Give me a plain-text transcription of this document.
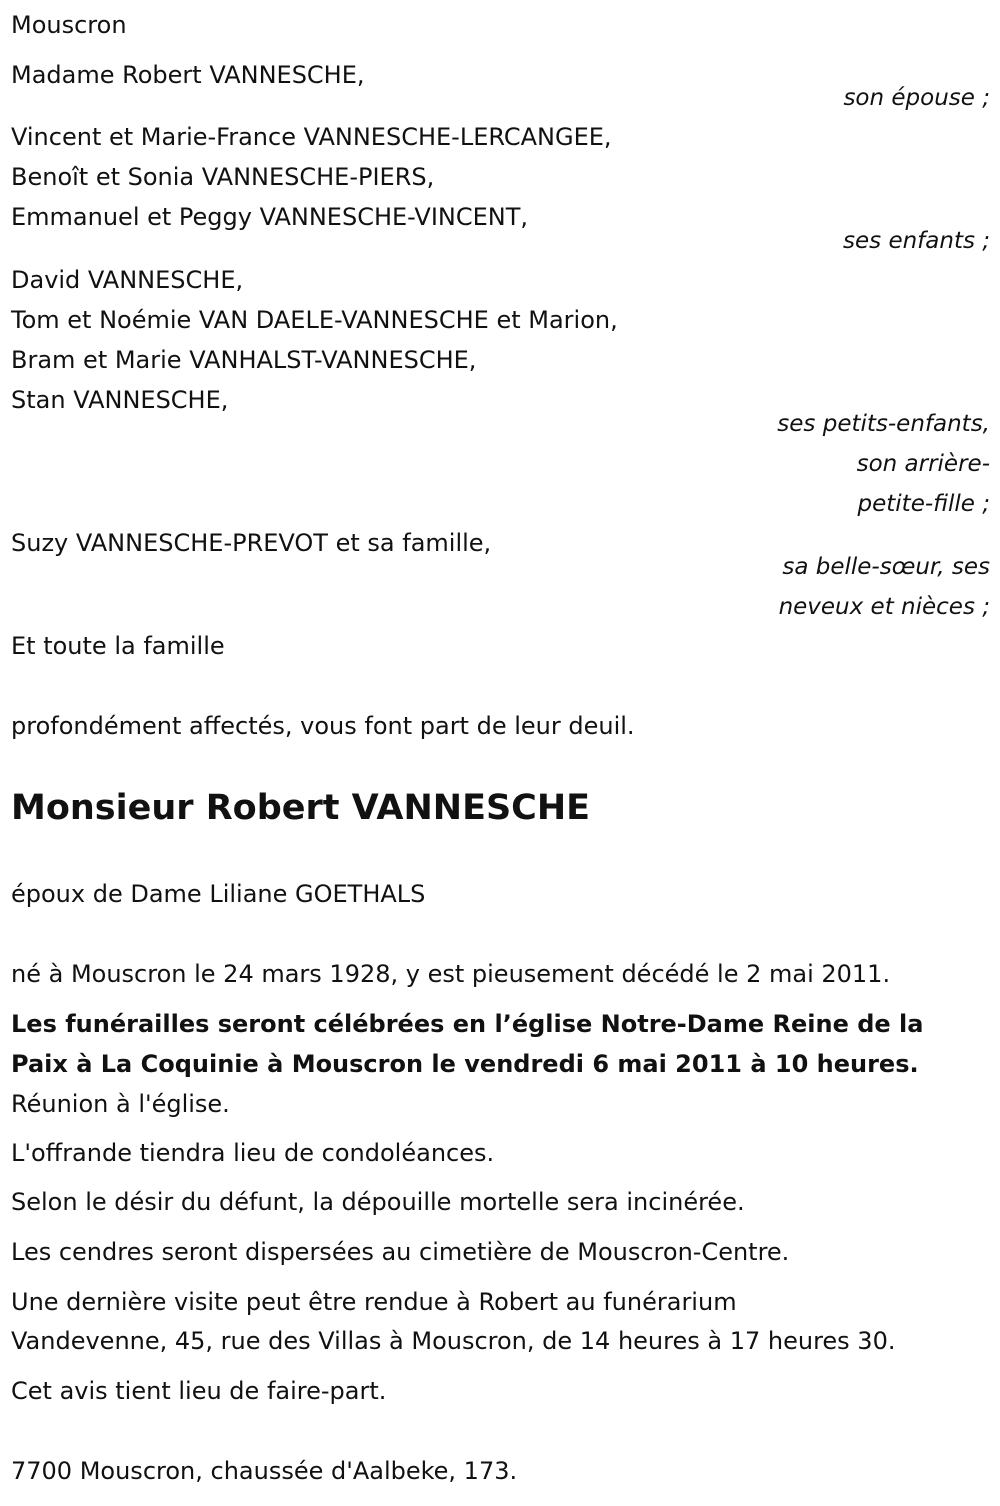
Mouscron

Madame Robert VANNESCHE,

son épouse ;

Vincent et Marie-France VANNESCHE-LERCANGEE,

Benoît et Sonia VANNESCHE-PIERS,

Emmanuel et Peggy VANNESCHE-VINCENT,

ses enfants ;

David VANNESCHE,

Tom et Noémie VAN DAELE-VANNESCHE et Marion,

Bram et Marie VANHALST-VANNESCHE,

Stan VANNESCHE,

ses petits-enfants,

son arrière-

petite-fille ;

Suzy VANNESCHE-PREVOT et sa famille,

sa belle-sœur, ses

neveux et nièces ;

Et toute la famille

profondément affectés, vous font part de leur deuil.

Monsieur Robert VANNESCHE

époux de Dame Liliane GOETHALS

né à Mouscron le 24 mars 1928, y est pieusement décédé le 2 mai 2011.

Les funérailles seront célébrées en l’église Notre-Dame Reine de la

Paix à La Coquinie à Mouscron le vendredi 6 mai 2011 à 10 heures.

Réunion à l'église.

L'offrande tiendra lieu de condoléances.

Selon le désir du défunt, la dépouille mortelle sera incinérée.

Les cendres seront dispersées au cimetière de Mouscron-Centre.

Une dernière visite peut être rendue à Robert au funérarium

Vandevenne, 45, rue des Villas à Mouscron, de 14 heures à 17 heures 30.

Cet avis tient lieu de faire-part.

7700 Mouscron, chaussée d'Aalbeke, 173.
